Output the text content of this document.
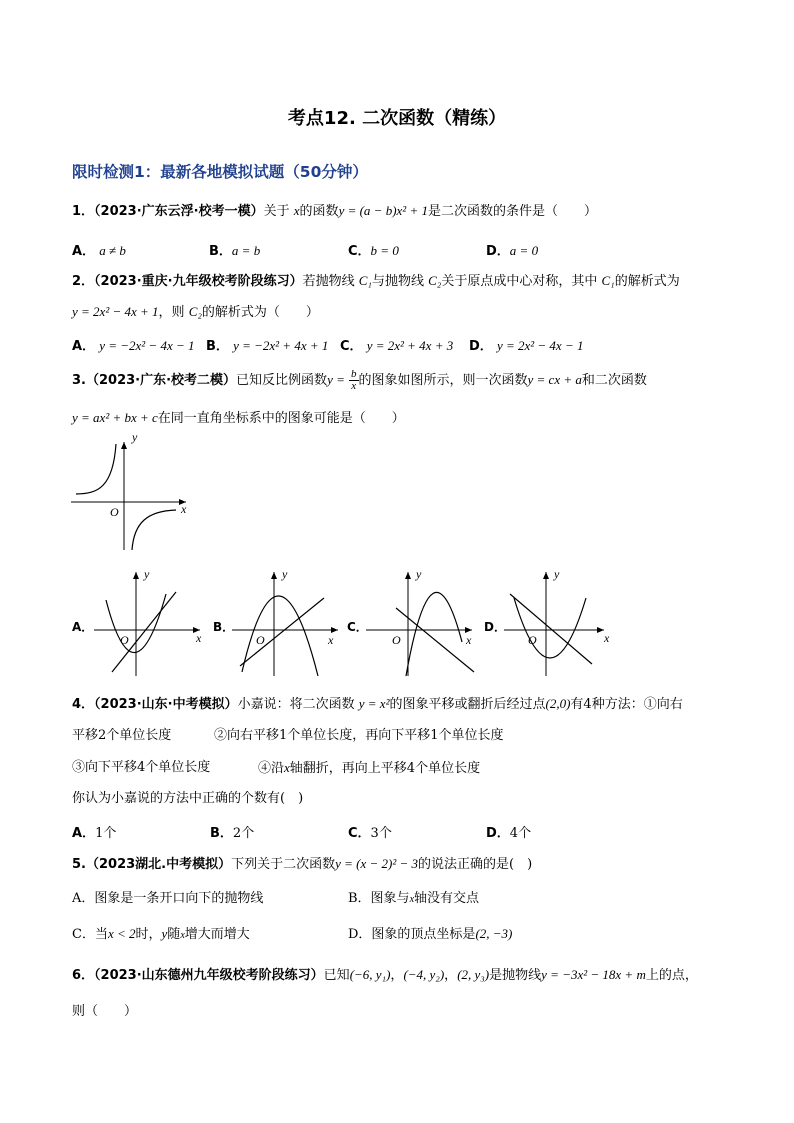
考点12. 二次函数（精练）
限时检测1：最新各地模拟试题（50分钟）
1．（2023·广东云浮·校考一模）关于 x的函数y = (a − b)x² + 1是二次函数的条件是（　　）
A． a ≠ b	B．a = b	C．b = 0	D．a = 0
2．（2023·重庆·九年级校考阶段练习）若抛物线 C₁与抛物线 C₂关于原点成中心对称，其中 C₁的解析式为
y = 2x² − 4x + 1，则 C₂的解析式为（　　）
A． y = −2x² − 4x − 1 B． y = −2x² + 4x + 1 C． y = 2x² + 4x + 3 D． y = 2x² − 4x − 1
3.（2023·广东·校考二模）已知反比例函数$y = \frac{b}{x}$ 的图象如图所示，则一次函数y = cx + a和二次函数
y = ax² + bx + c在同一直角坐标系中的图象可能是（　　）
y
x
O
A．
y
x
O
B．
y
x
O
C．
y
x
O
D．
y
x
O
4．（2023·山东·中考模拟）小嘉说：将二次函数 y = x²的图象平移或翻折后经过点(2,0)有4种方法：①向右
平移2个单位长度	②向右平移1个单位长度，再向下平移1个单位长度
③向下平移4个单位长度	④沿x轴翻折，再向上平移4个单位长度
你认为小嘉说的方法中正确的个数有(　)
A．1个	B．2个	C．3个	D．4个
5.（2023湖北.中考模拟）下列关于二次函数y = (x − 2)² − 3的说法正确的是(　)
A．图象是一条开口向下的抛物线	B．图象与x轴没有交点
C．当x < 2时，y随x增大而增大	D．图象的顶点坐标是(2, −3)
6．（2023·山东德州九年级校考阶段练习）已知(−6, y₁)，(−4, y₂)，(2, y₃)是抛物线y = −3x² − 18x + m上的点，
则（　　）
